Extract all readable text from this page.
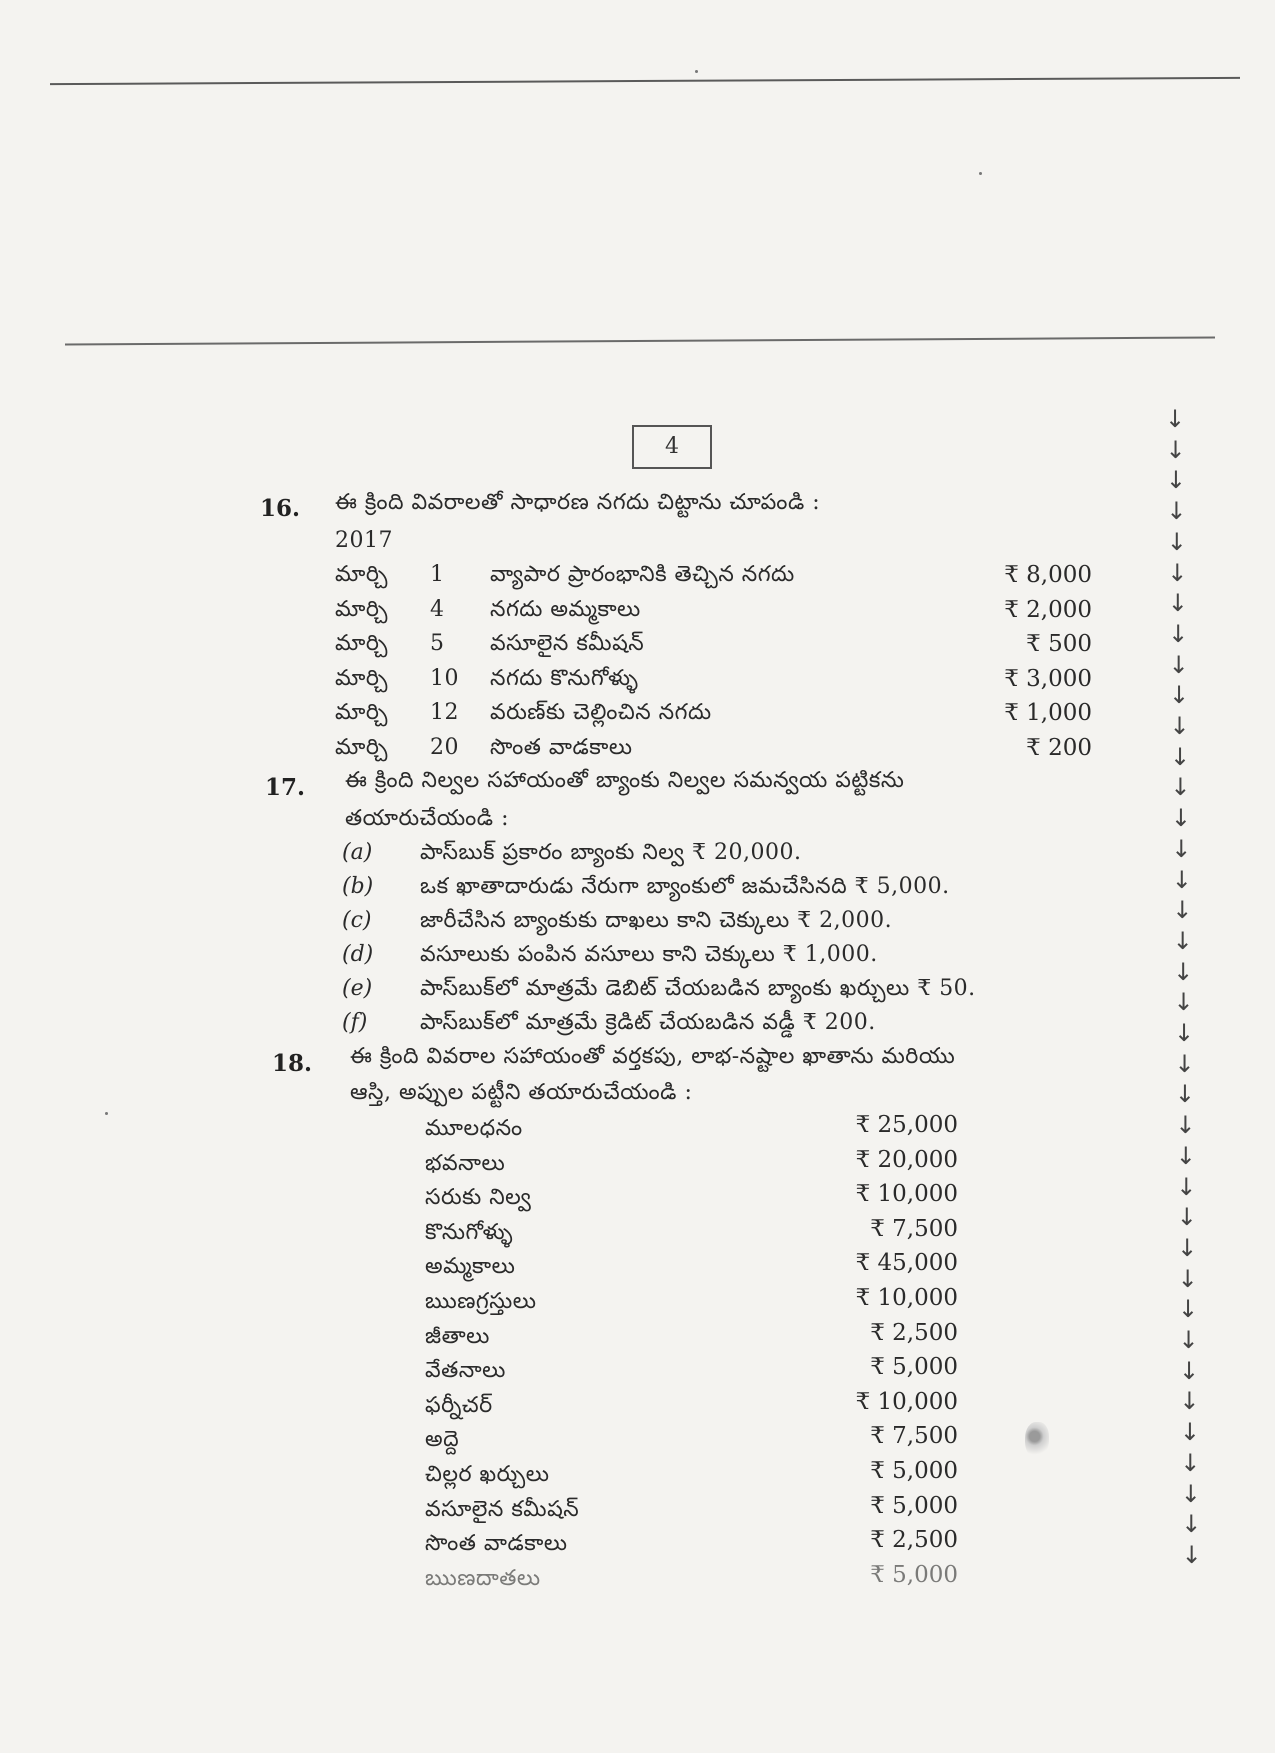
4
16. ఈ క్రింది వివరాలతో సాధారణ నగదు చిట్టాను చూపండి :
2017
మార్చి 1 వ్యాపార ప్రారంభానికి తెచ్చిన నగదు	₹ 8,000
మార్చి 4 నగదు అమ్మకాలు	₹ 2,000
మార్చి 5 వసూలైన కమీషన్	₹ 500
మార్చి 10 నగదు కొనుగోళ్ళు	₹ 3,000
మార్చి 12 వరుణ్‌కు చెల్లించిన నగదు	₹ 1,000
మార్చి 20 సొంత వాడకాలు	₹ 200
17. ఈ క్రింది నిల్వల సహాయంతో బ్యాంకు నిల్వల సమన్వయ పట్టికను
తయారుచేయండి :
(a) పాస్‌బుక్ ప్రకారం బ్యాంకు నిల్వ ₹ 20,000.
(b) ఒక ఖాతాదారుడు నేరుగా బ్యాంకులో జమచేసినది ₹ 5,000.
(c) జారీచేసిన బ్యాంకుకు దాఖలు కాని చెక్కులు ₹ 2,000.
(d) వసూలుకు పంపిన వసూలు కాని చెక్కులు ₹ 1,000.
(e) పాస్‌బుక్‌లో మాత్రమే డెబిట్ చేయబడిన బ్యాంకు ఖర్చులు ₹ 50.
(f) పాస్‌బుక్‌లో మాత్రమే క్రెడిట్ చేయబడిన వడ్డీ ₹ 200.
18. ఈ క్రింది వివరాల సహాయంతో వర్తకపు, లాభ-నష్టాల ఖాతాను మరియు
ఆస్తి, అప్పుల పట్టీని తయారుచేయండి :
మూలధనం	₹ 25,000
భవనాలు	₹ 20,000
సరుకు నిల్వ	₹ 10,000
కొనుగోళ్ళు	₹ 7,500
అమ్మకాలు	₹ 45,000
ఋణగ్రస్తులు	₹ 10,000
జీతాలు	₹ 2,500
వేతనాలు	₹ 5,000
ఫర్నీచర్	₹ 10,000
అద్దె	₹ 7,500
చిల్లర ఖర్చులు	₹ 5,000
వసూలైన కమీషన్	₹ 5,000
సొంత వాడకాలు	₹ 2,500
ఋణదాతలు	₹ 5,000
↓
↓
↓
↓
↓
↓
↓
↓
↓
↓
↓
↓
↓
↓
↓
↓
↓
↓
↓
↓
↓
↓
↓
↓
↓
↓
↓
↓
↓
↓
↓
↓
↓
↓
↓
↓
↓
↓
